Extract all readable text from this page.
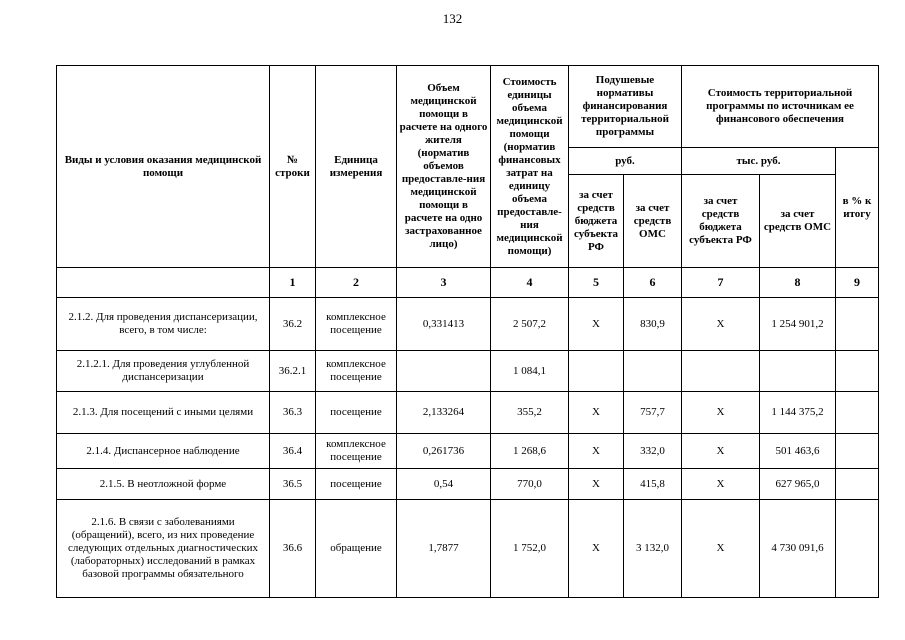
132
Виды и условия оказания медицинской помощи	№ строки	Единица измерения	Объем медицинской помощи в расчете на одного жителя (норматив объемов предоставле-ния медицинской помощи в расчете на одно застрахованное лицо)	Стоимость единицы объема медицинской помощи (норматив финансовых затрат на единицу объема предоставле-ния медицинской помощи)	Подушевые нормативы финансирования территориальной программы		Стоимость территориальной программы по источникам ее финансового обеспечения		
					руб.		тыс. руб.		в % к итогу
					за счет средств бюджета субъекта РФ	за счет средств ОМС	за счет средств бюджета субъекта РФ	за счет средств ОМС	
	1	2	3	4	5	6	7	8	9
2.1.2. Для проведения диспансеризации, всего, в том числе:	36.2	комплексное посещение	0,331413	2 507,2	Х	830,9	Х	1 254 901,2	
2.1.2.1. Для проведения углубленной диспансеризации	36.2.1	комплексное посещение		1 084,1					
2.1.3. Для посещений с иными целями	36.3	посещение	2,133264	355,2	Х	757,7	Х	1 144 375,2	
2.1.4. Диспансерное наблюдение	36.4	комплексное посещение	0,261736	1 268,6	Х	332,0	Х	501 463,6	
2.1.5. В неотложной форме	36.5	посещение	0,54	770,0	Х	415,8	Х	627 965,0	
2.1.6. В связи с заболеваниями (обращений), всего, из них проведение следующих отдельных диагностических (лабораторных) исследований в рамках базовой программы обязательного	36.6	обращение	1,7877	1 752,0	Х	3 132,0	Х	4 730 091,6	
